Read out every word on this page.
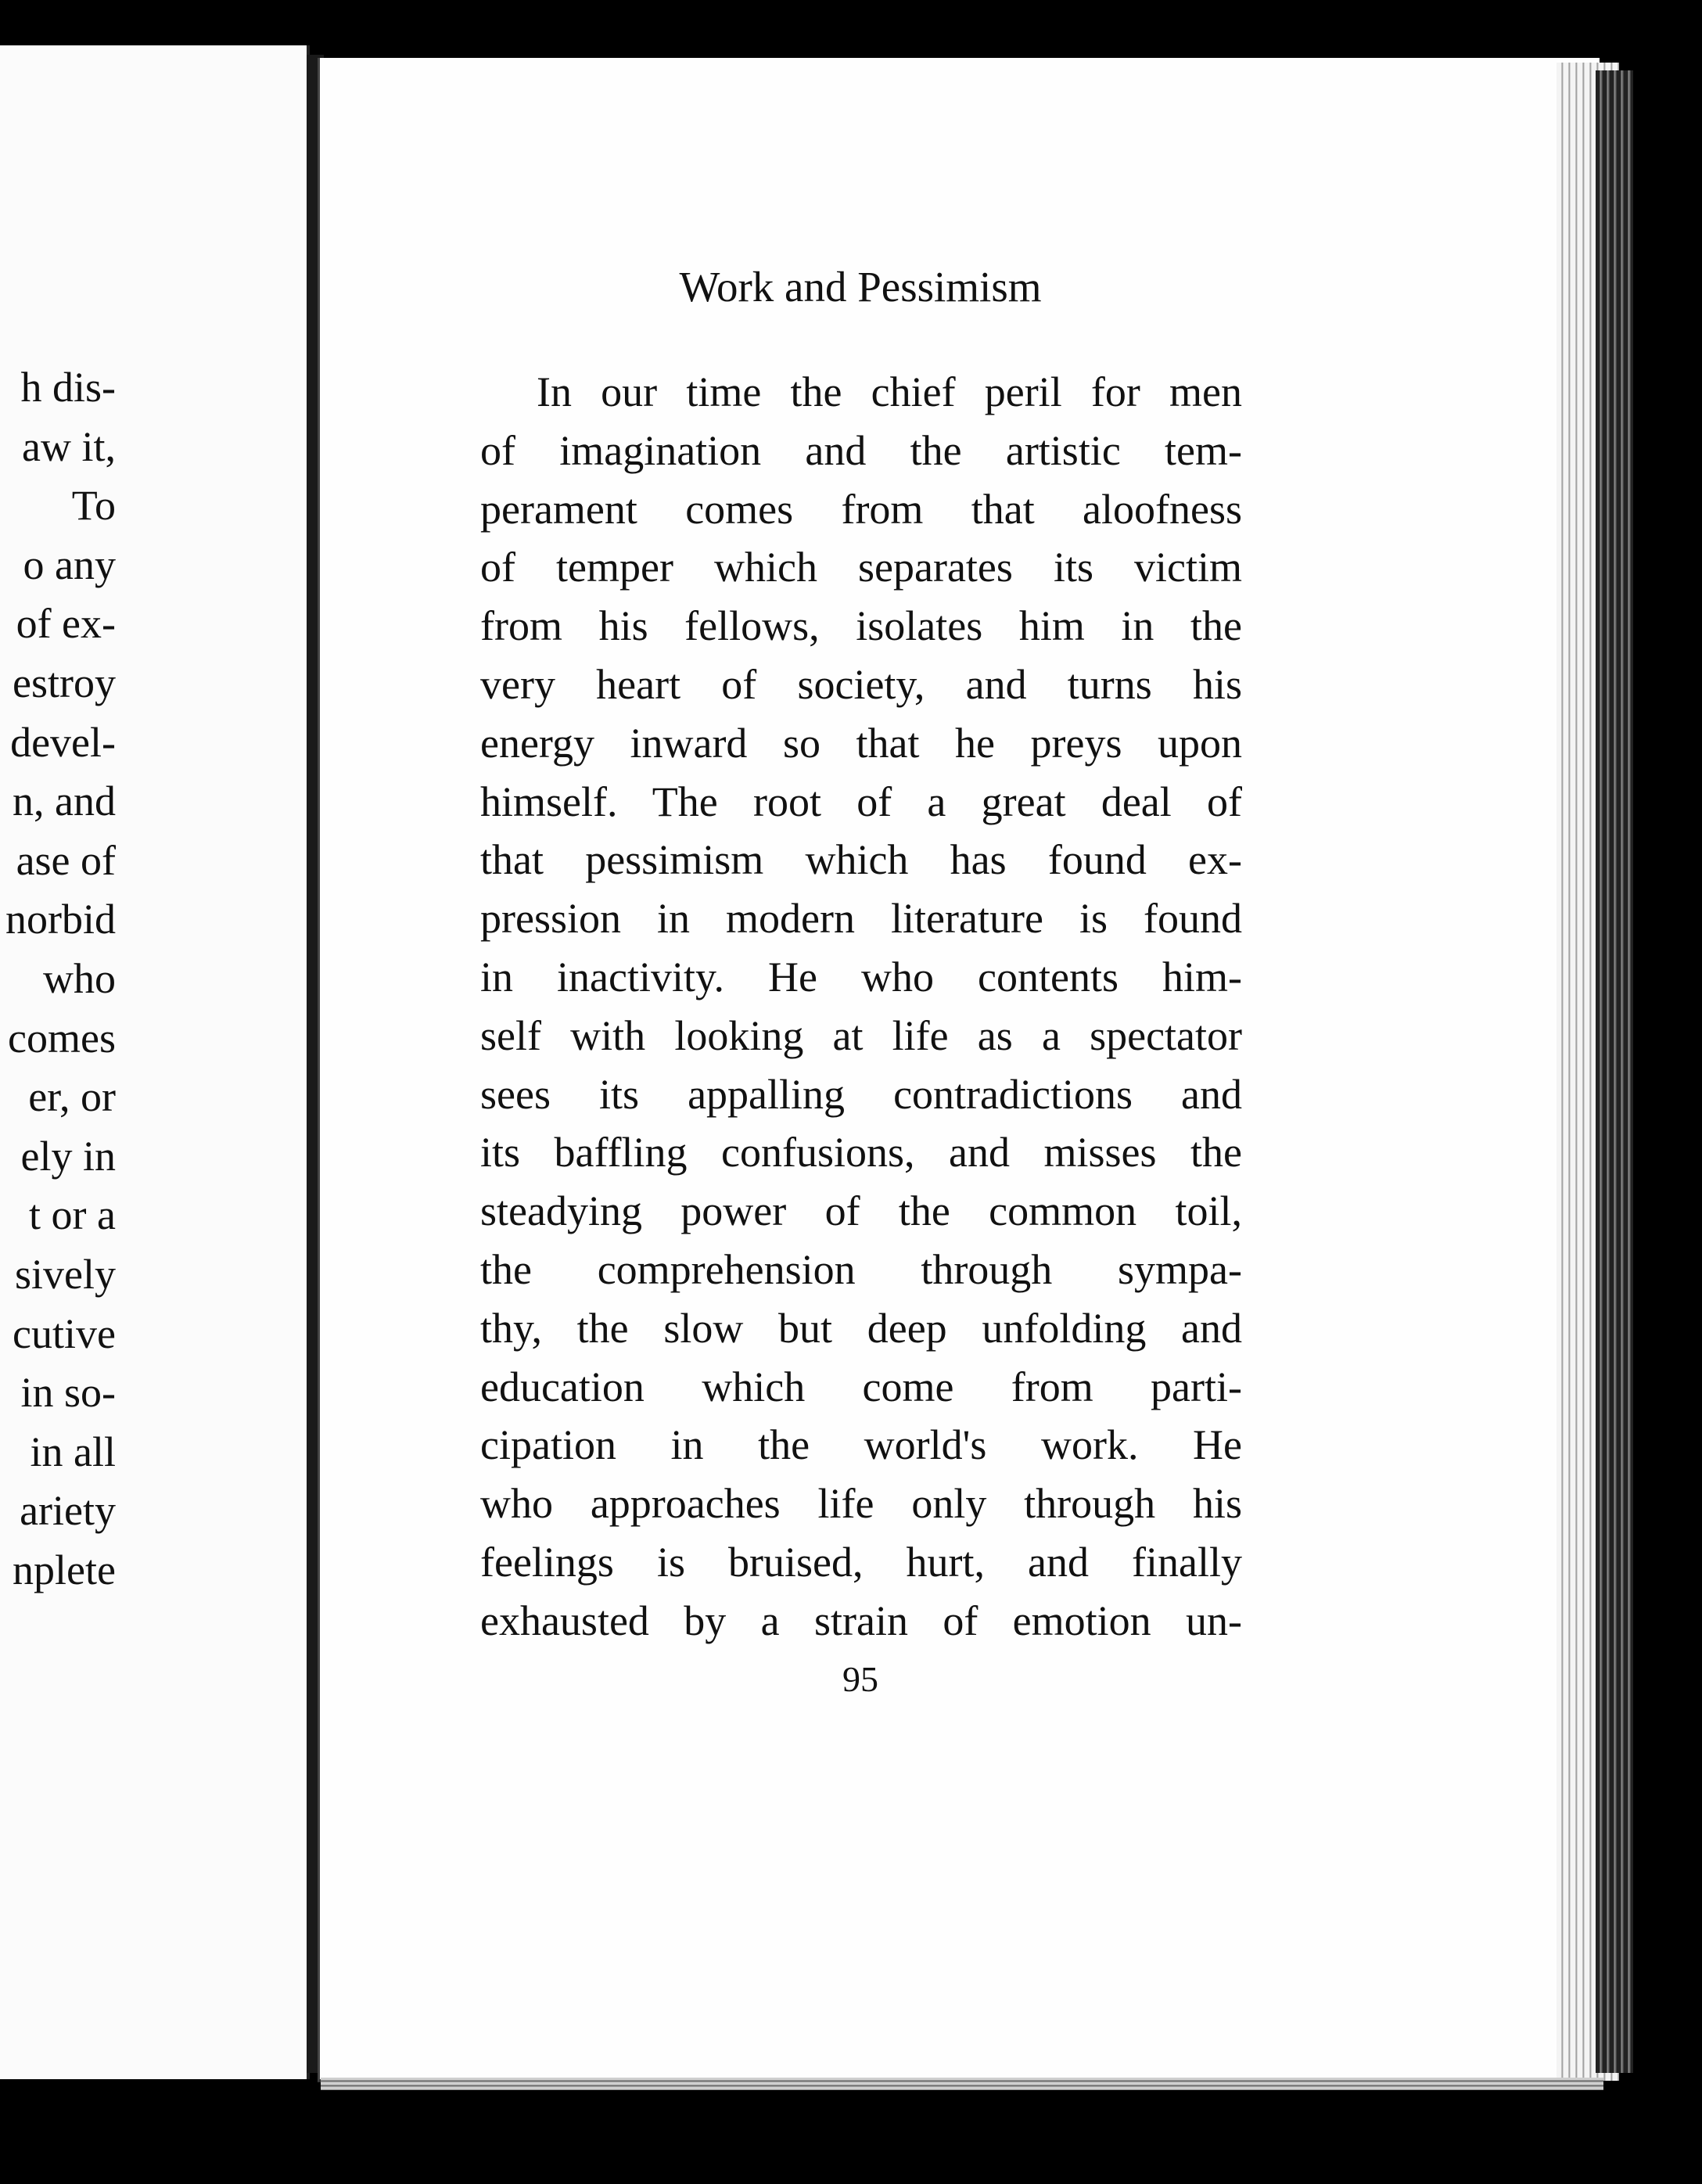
h dis-
aw it,
To
o any
of ex-
estroy
devel-
n, and
ase of
norbid
who
comes
er, or
ely in
t or a
sively
cutive
in so-
in all
ariety
nplete
Work and Pessimism
In our time the chief peril for men
of imagination and the artistic tem-
perament comes from that aloofness
of temper which separates its victim
from his fellows, isolates him in the
very heart of society, and turns his
energy inward so that he preys upon
himself. The root of a great deal of
that pessimism which has found ex-
pression in modern literature is found
in inactivity. He who contents him-
self with looking at life as a spectator
sees its appalling contradictions and
its baffling confusions, and misses the
steadying power of the common toil,
the comprehension through sympa-
thy, the slow but deep unfolding and
education which come from parti-
cipation in the world's work. He
who approaches life only through his
feelings is bruised, hurt, and finally
exhausted by a strain of emotion un-
95
